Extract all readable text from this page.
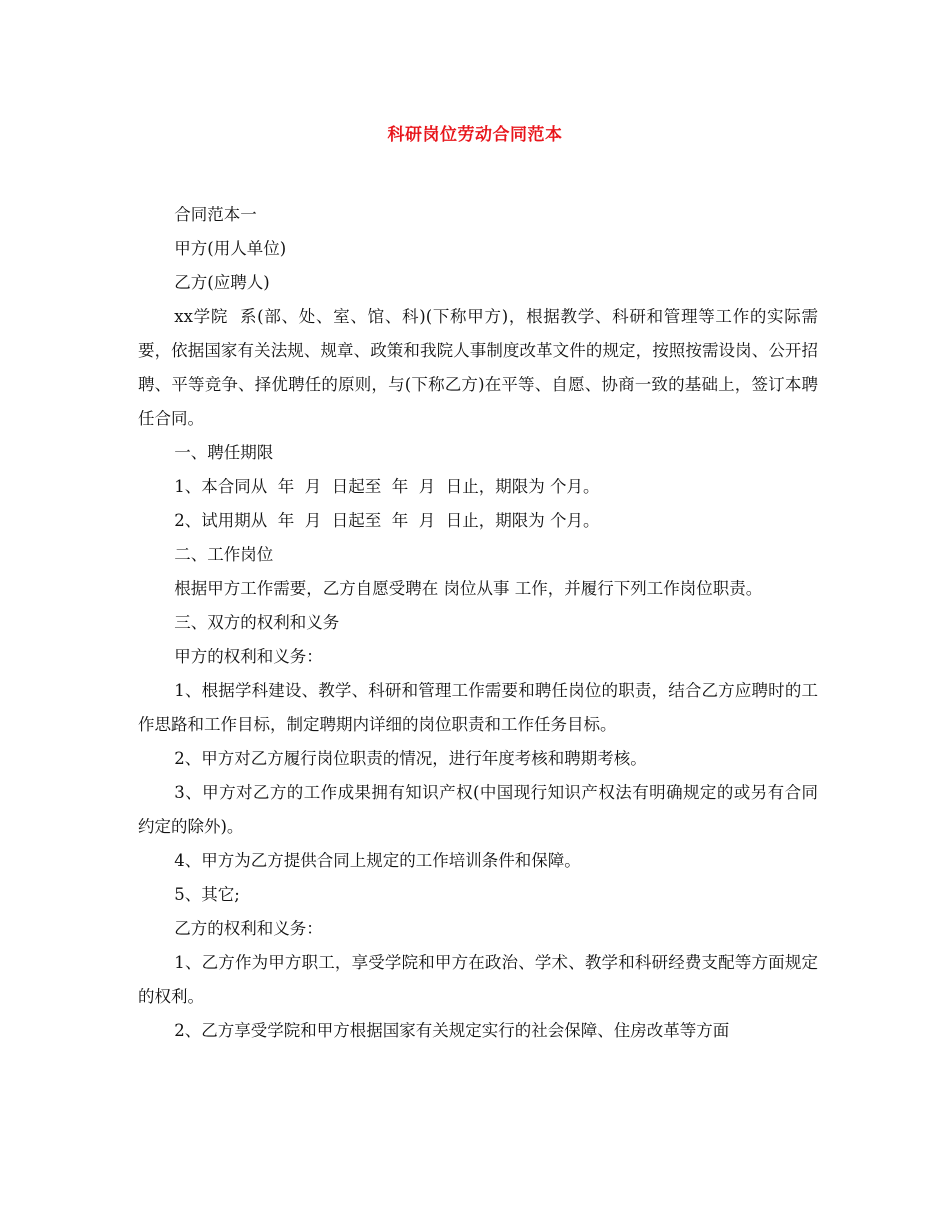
科研岗位劳动合同范本

合同范本一

甲方(用人单位)

乙方(应聘人)

xx学院  系(部、处、室、馆、科)(下称甲方)，根据教学、科研和管理等工作的实际需要，依据国家有关法规、规章、政策和我院人事制度改革文件的规定，按照按需设岗、公开招聘、平等竞争、择优聘任的原则，与(下称乙方)在平等、自愿、协商一致的基础上，签订本聘任合同。

一、聘任期限

1、本合同从  年  月  日起至  年  月  日止，期限为 个月。

2、试用期从  年  月  日起至  年  月  日止，期限为 个月。

二、工作岗位

根据甲方工作需要，乙方自愿受聘在 岗位从事 工作，并履行下列工作岗位职责。

三、双方的权利和义务

甲方的权利和义务：

1、根据学科建设、教学、科研和管理工作需要和聘任岗位的职责，结合乙方应聘时的工作思路和工作目标，制定聘期内详细的岗位职责和工作任务目标。

2、甲方对乙方履行岗位职责的情况，进行年度考核和聘期考核。

3、甲方对乙方的工作成果拥有知识产权(中国现行知识产权法有明确规定的或另有合同约定的除外)。

4、甲方为乙方提供合同上规定的工作培训条件和保障。

5、其它;

乙方的权利和义务：

1、乙方作为甲方职工，享受学院和甲方在政治、学术、教学和科研经费支配等方面规定的权利。

2、乙方享受学院和甲方根据国家有关规定实行的社会保障、住房改革等方面
